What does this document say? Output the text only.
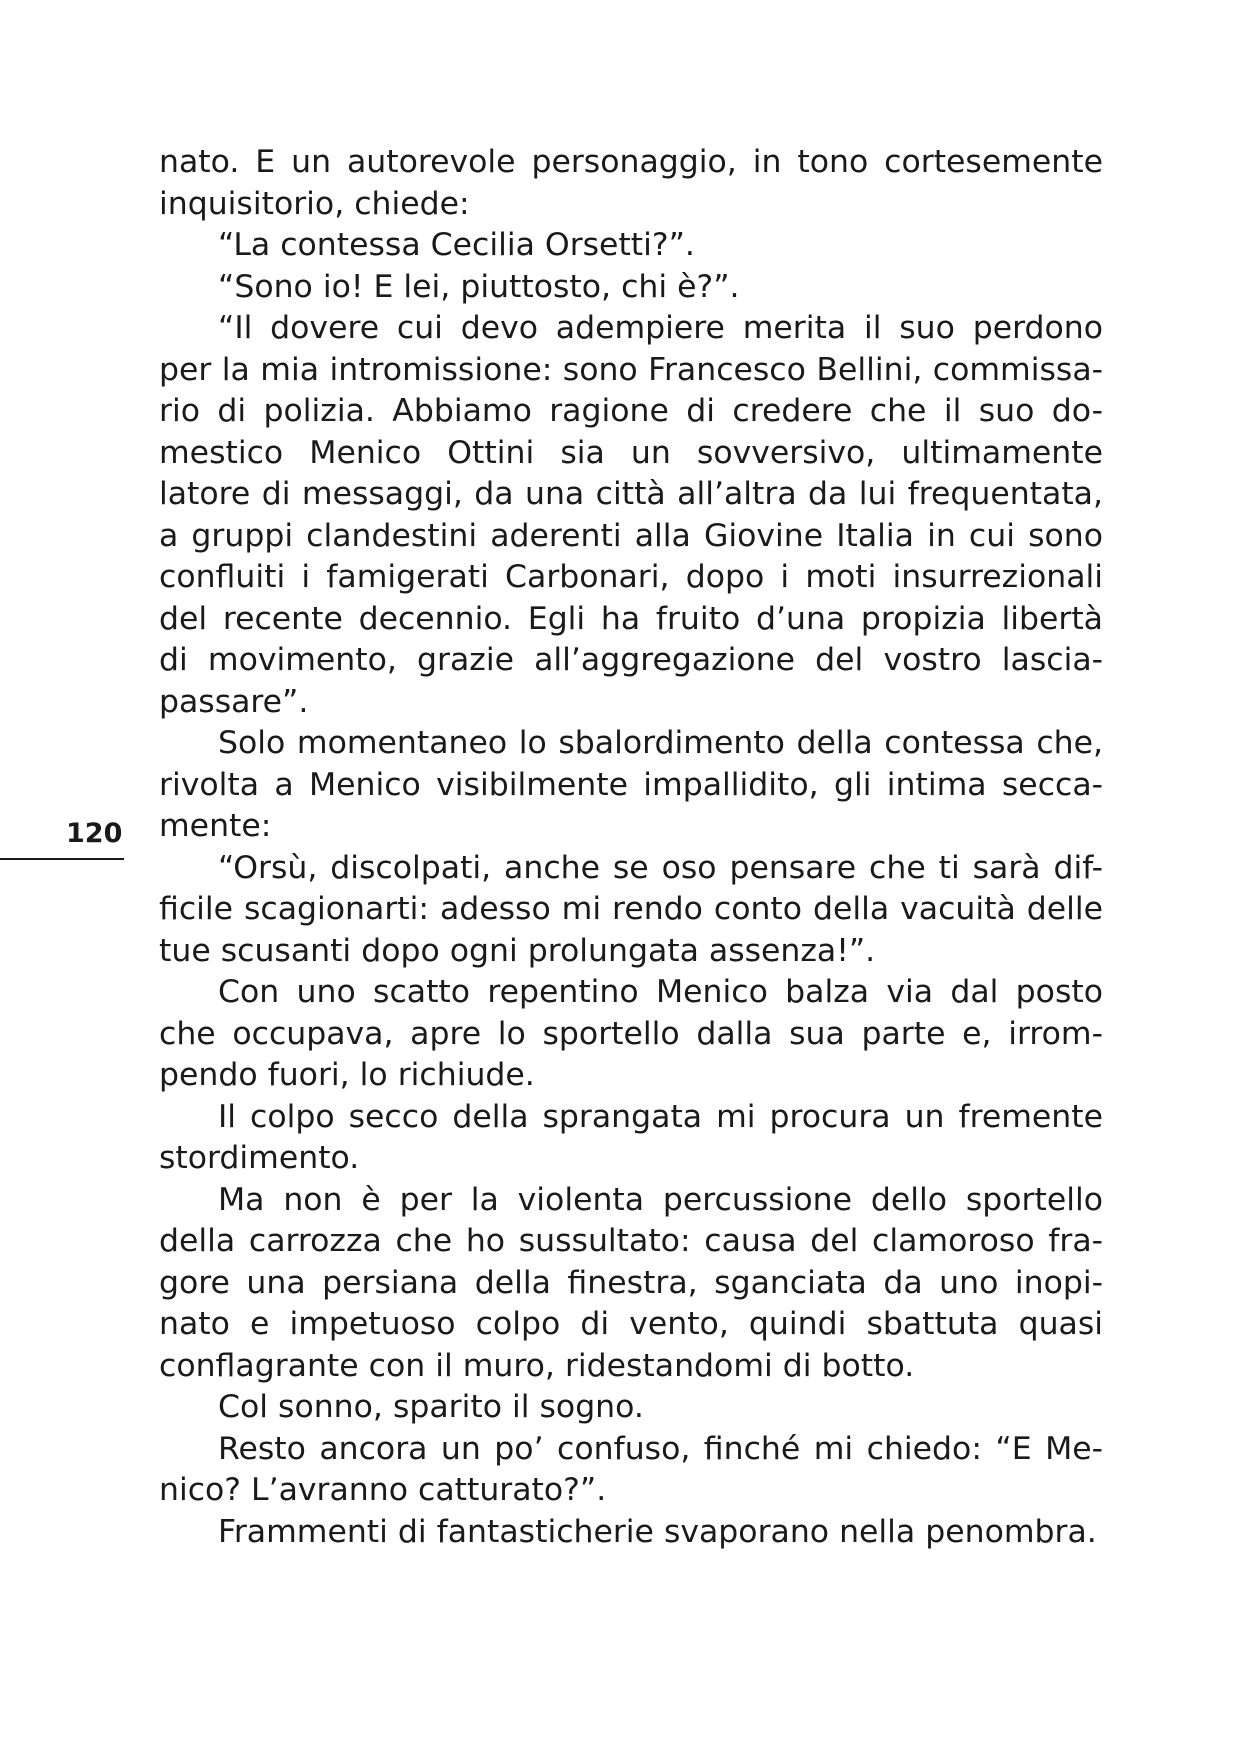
nato. E un autorevole personaggio, in tono cortesemente
inquisitorio, chiede:
“La contessa Cecilia Orsetti?”.
“Sono io! E lei, piuttosto, chi è?”.
“Il dovere cui devo adempiere merita il suo perdono
per la mia intromissione: sono Francesco Bellini, commissa-
rio di polizia. Abbiamo ragione di credere che il suo do-
mestico Menico Ottini sia un sovversivo, ultimamente
latore di messaggi, da una città all’altra da lui frequentata,
a gruppi clandestini aderenti alla Giovine Italia in cui sono
confluiti i famigerati Carbonari, dopo i moti insurrezionali
del recente decennio. Egli ha fruito d’una propizia libertà
di movimento, grazie all’aggregazione del vostro lascia-
passare”.
Solo momentaneo lo sbalordimento della contessa che,
rivolta a Menico visibilmente impallidito, gli intima secca-
mente:
“Orsù, discolpati, anche se oso pensare che ti sarà dif-
ficile scagionarti: adesso mi rendo conto della vacuità delle
tue scusanti dopo ogni prolungata assenza!”.
Con uno scatto repentino Menico balza via dal posto
che occupava, apre lo sportello dalla sua parte e, irrom-
pendo fuori, lo richiude.
Il colpo secco della sprangata mi procura un fremente
stordimento.
Ma non è per la violenta percussione dello sportello
della carrozza che ho sussultato: causa del clamoroso fra-
gore una persiana della finestra, sganciata da uno inopi-
nato e impetuoso colpo di vento, quindi sbattuta quasi
conflagrante con il muro, ridestandomi di botto.
Col sonno, sparito il sogno.
Resto ancora un po’ confuso, finché mi chiedo: “E Me-
nico? L’avranno catturato?”.
Frammenti di fantasticherie svaporano nella penombra.
120
